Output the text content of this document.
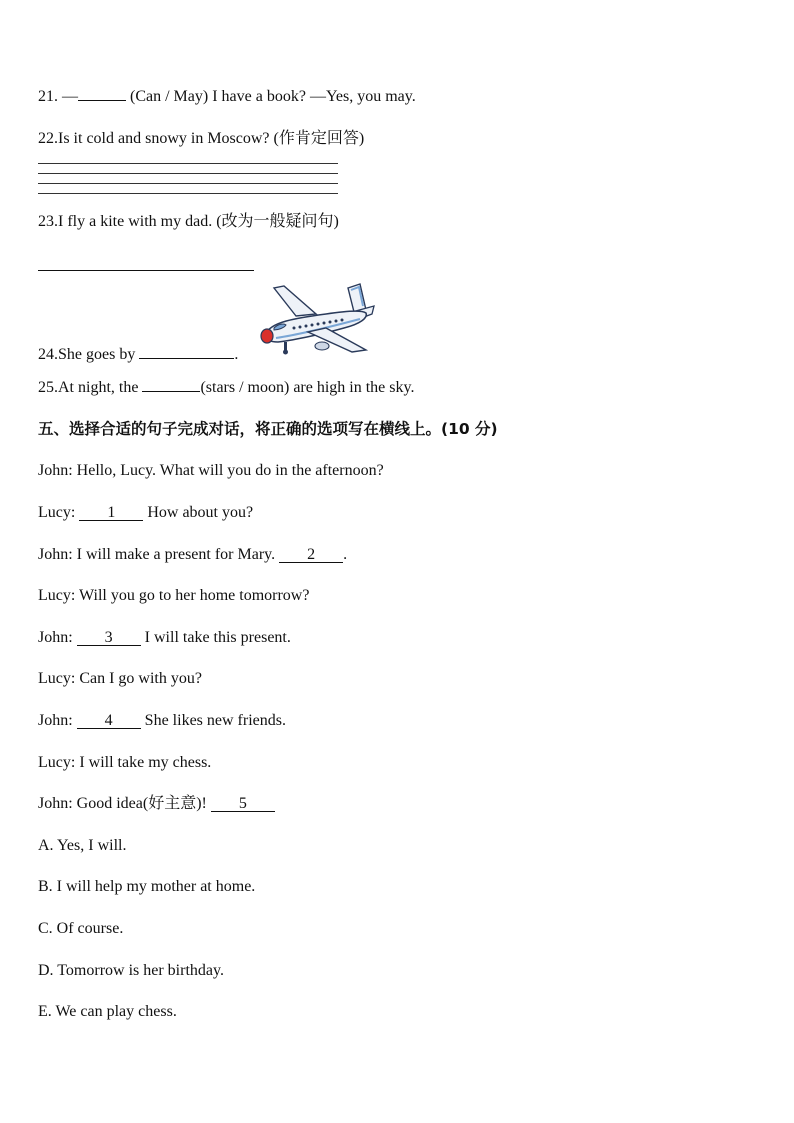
21. —	(Can / May) I have a book? —Yes, you may.
22.Is it cold and snowy in Moscow? (作肯定回答)
23.I fly a kite with my dad. (改为一般疑问句)
24.She goes by	.
25.At night, the	(stars / moon) are high in the sky.
五、选择合适的句子完成对话，将正确的选项写在横线上。(10 分)
John: Hello, Lucy. What will you do in the afternoon?
Lucy: 1 How about you?
John: I will make a present for Mary. 2 .
Lucy: Will you go to her home tomorrow?
John: 3 I will take this present.
Lucy: Can I go with you?
John: 4 She likes new friends.
Lucy: I will take my chess.
John: Good idea(好主意)! 5
A. Yes, I will.
B. I will help my mother at home.
C. Of course.
D. Tomorrow is her birthday.
E. We can play chess.
